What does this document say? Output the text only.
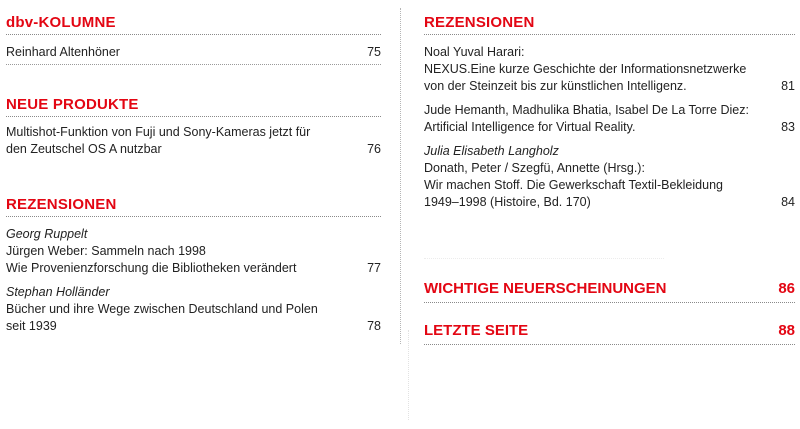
dbv-KOLUMNE
Reinhard Altenhöner	75
NEUE PRODUKTE
Multishot-Funktion von Fuji und Sony-Kameras jetzt für
den Zeutschel OS A nutzbar	76
REZENSIONEN
Georg Ruppelt
Jürgen Weber: Sammeln nach 1998
Wie Provenienzforschung die Bibliotheken verändert	77
Stephan Holländer
Bücher und ihre Wege zwischen Deutschland und Polen
seit 1939	78
REZENSIONEN
Noal Yuval Harari:
NEXUS.Eine kurze Geschichte der Informationsnetzwerke
von der Steinzeit bis zur künstlichen Intelligenz.	81
Jude Hemanth, Madhulika Bhatia, Isabel De La Torre Diez:
Artificial Intelligence for Virtual Reality.	83
Julia Elisabeth Langholz
Donath, Peter / Szegfü, Annette (Hrsg.):
Wir machen Stoff. Die Gewerkschaft Textil-Bekleidung
1949–1998 (Histoire, Bd. 170)	84
WICHTIGE NEUERSCHEINUNGEN	86
LETZTE SEITE	88
